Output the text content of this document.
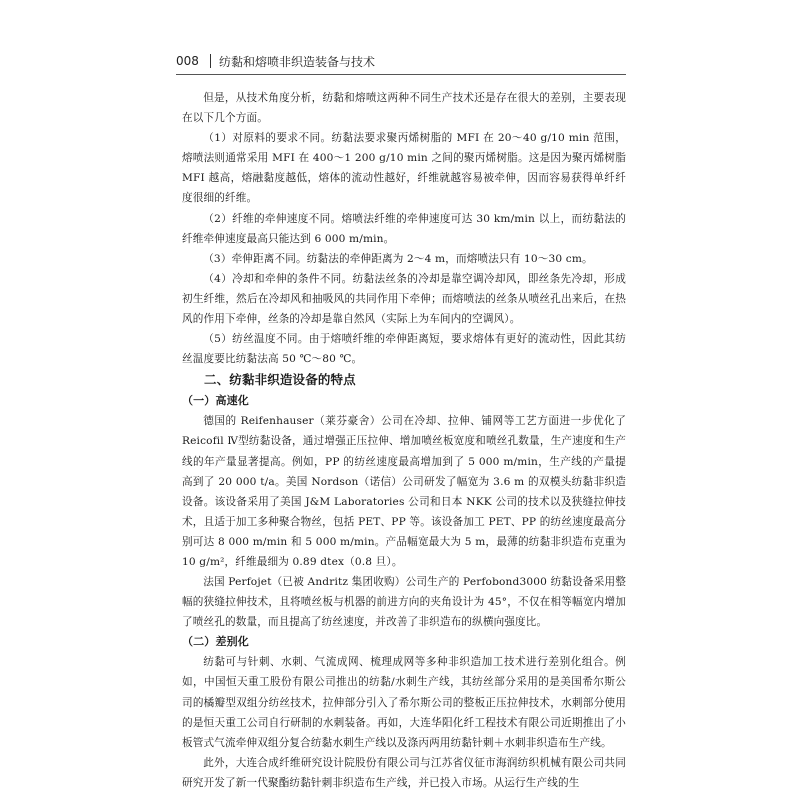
008	纺黏和熔喷非织造装备与技术

但是，从技术角度分析，纺黏和熔喷这两种不同生产技术还是存在很大的差别，主要表现在以下几个方面。

（1）对原料的要求不同。纺黏法要求聚丙烯树脂的 MFI 在 20～40 g/10 min 范围，熔喷法则通常采用 MFI 在 400～1 200 g/10 min 之间的聚丙烯树脂。这是因为聚丙烯树脂 MFI 越高，熔融黏度越低，熔体的流动性越好，纤维就越容易被牵伸，因而容易获得单纤纤度很细的纤维。

（2）纤维的牵伸速度不同。熔喷法纤维的牵伸速度可达 30 km/min 以上，而纺黏法的纤维牵伸速度最高只能达到 6 000 m/min。

（3）牵伸距离不同。纺黏法的牵伸距离为 2～4 m，而熔喷法只有 10～30 cm。

（4）冷却和牵伸的条件不同。纺黏法丝条的冷却是靠空调冷却风，即丝条先冷却，形成初生纤维，然后在冷却风和抽吸风的共同作用下牵伸；而熔喷法的丝条从喷丝孔出来后，在热风的作用下牵伸，丝条的冷却是靠自然风（实际上为车间内的空调风）。

（5）纺丝温度不同。由于熔喷纤维的牵伸距离短，要求熔体有更好的流动性，因此其纺丝温度要比纺黏法高 50 ℃～80 ℃。

二、纺黏非织造设备的特点

（一）高速化

德国的 Reifenhauser（莱芬豪舍）公司在冷却、拉伸、铺网等工艺方面进一步优化了 Reicofil Ⅳ型纺黏设备，通过增强正压拉伸、增加喷丝板宽度和喷丝孔数量，生产速度和生产线的年产量显著提高。例如，PP 的纺丝速度最高增加到了 5 000 m/min，生产线的产量提高到了 20 000 t/a。美国 Nordson（诺信）公司研发了幅宽为 3.6 m 的双模头纺黏非织造设备。该设备采用了美国 J&M Laboratories 公司和日本 NKK 公司的技术以及狭缝拉伸技术，且适于加工多种聚合物丝，包括 PET、PP 等。该设备加工 PET、PP 的纺丝速度最高分别可达 8 000 m/min 和 5 000 m/min。产品幅宽最大为 5 m，最薄的纺黏非织造布克重为 10 g/m²，纤维最细为 0.89 dtex（0.8 旦）。

法国 Perfojet（已被 Andritz 集团收购）公司生产的 Perfobond3000 纺黏设备采用整幅的狭缝拉伸技术，且将喷丝板与机器的前进方向的夹角设计为 45°，不仅在相等幅宽内增加了喷丝孔的数量，而且提高了纺丝速度，并改善了非织造布的纵横向强度比。

（二）差别化

纺黏可与针刺、水刺、气流成网、梳理成网等多种非织造加工技术进行差别化组合。例如，中国恒天重工股份有限公司推出的纺黏/水刺生产线，其纺丝部分采用的是美国希尔斯公司的橘瓣型双组分纺丝技术，拉伸部分引入了希尔斯公司的整板正压拉伸技术，水刺部分使用的是恒天重工公司自行研制的水刺装备。再如，大连华阳化纤工程技术有限公司近期推出了小板管式气流牵伸双组分复合纺黏水刺生产线以及涤丙两用纺黏针刺＋水刺非织造布生产线。

此外，大连合成纤维研究设计院股份有限公司与江苏省仪征市海润纺织机械有限公司共同研究开发了新一代聚酯纺黏针刺非织造布生产线，并已投入市场。从运行生产线的生
